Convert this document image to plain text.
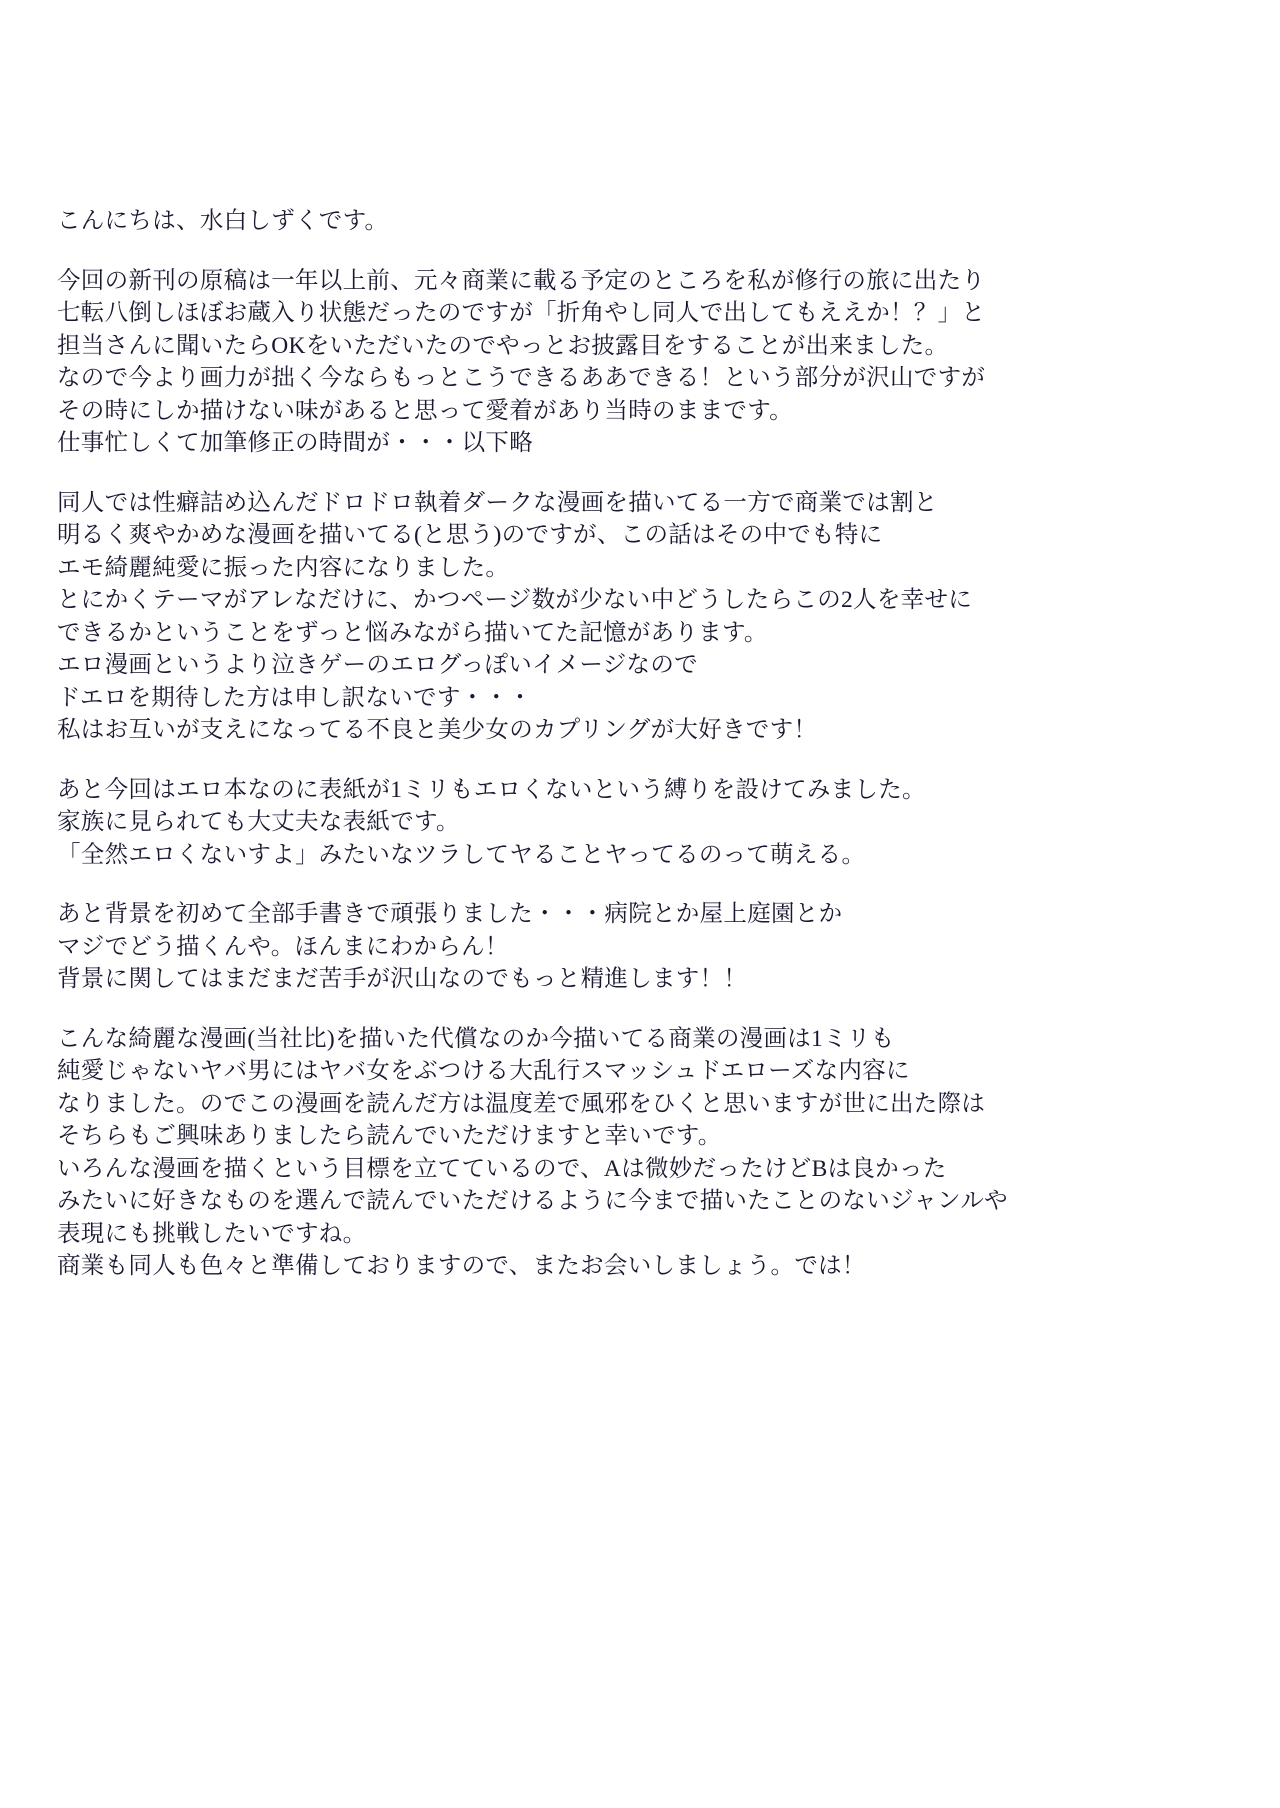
こんにちは、水白しずくです。
今回の新刊の原稿は一年以上前、元々商業に載る予定のところを私が修行の旅に出たり
七転八倒しほぼお蔵入り状態だったのですが「折角やし同人で出してもええか！？」と
担当さんに聞いたらOKをいただいたのでやっとお披露目をすることが出来ました。
なので今より画力が拙く今ならもっとこうできるああできる！という部分が沢山ですが
その時にしか描けない味があると思って愛着があり当時のままです。
仕事忙しくて加筆修正の時間が・・・以下略
同人では性癖詰め込んだドロドロ執着ダークな漫画を描いてる一方で商業では割と
明るく爽やかめな漫画を描いてる(と思う)のですが、この話はその中でも特に
エモ綺麗純愛に振った内容になりました。
とにかくテーマがアレなだけに、かつページ数が少ない中どうしたらこの2人を幸せに
できるかということをずっと悩みながら描いてた記憶があります。
エロ漫画というより泣きゲーのエログっぽいイメージなので
ドエロを期待した方は申し訳ないです・・・
私はお互いが支えになってる不良と美少女のカプリングが大好きです！
あと今回はエロ本なのに表紙が1ミリもエロくないという縛りを設けてみました。
家族に見られても大丈夫な表紙です。
「全然エロくないすよ」みたいなツラしてヤることヤってるのって萌える。
あと背景を初めて全部手書きで頑張りました・・・病院とか屋上庭園とか
マジでどう描くんや。ほんまにわからん！
背景に関してはまだまだ苦手が沢山なのでもっと精進します！！
こんな綺麗な漫画(当社比)を描いた代償なのか今描いてる商業の漫画は1ミリも
純愛じゃないヤバ男にはヤバ女をぶつける大乱行スマッシュドエローズな内容に
なりました。のでこの漫画を読んだ方は温度差で風邪をひくと思いますが世に出た際は
そちらもご興味ありましたら読んでいただけますと幸いです。
いろんな漫画を描くという目標を立てているので、Aは微妙だったけどBは良かった
みたいに好きなものを選んで読んでいただけるように今まで描いたことのないジャンルや
表現にも挑戦したいですね。
商業も同人も色々と準備しておりますので、またお会いしましょう。では！
